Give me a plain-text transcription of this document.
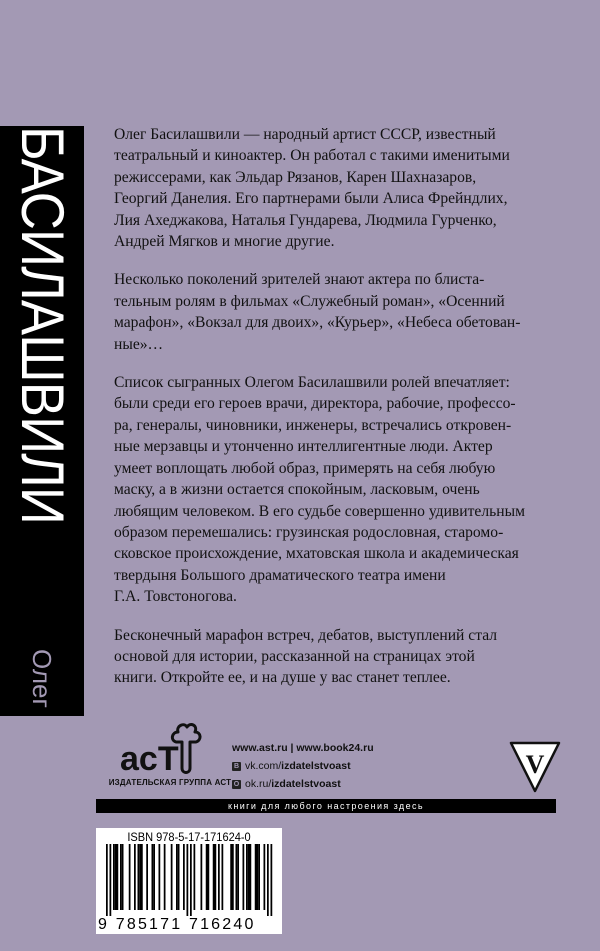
БАСИЛАШВИЛИ
Олег

Олег Басилашвили — народный артист СССР, известный
театральный и киноактер. Он работал с такими именитыми
режиссерами, как Эльдар Рязанов, Карен Шахназаров,
Георгий Данелия. Его партнерами были Алиса Фрейндлих,
Лия Ахеджакова, Наталья Гундарева, Людмила Гурченко,
Андрей Мягков и многие другие.

Несколько поколений зрителей знают актера по блиста-
тельным ролям в фильмах «Служебный роман», «Осенний
марафон», «Вокзал для двоих», «Курьер», «Небеса обетован-
ные»…

Список сыгранных Олегом Басилашвили ролей впечатляет:
были среди его героев врачи, директора, рабочие, профессо-
ра, генералы, чиновники, инженеры, встречались откровен-
ные мерзавцы и утонченно интеллигентные люди. Актер
умеет воплощать любой образ, примерять на себя любую
маску, а в жизни остается спокойным, ласковым, очень
любящим человеком. В его судьбе совершенно удивительным
образом перемешались: грузинская родословная, старомо-
сковское происхождение, мхатовская школа и академическая
твердыня Большого драматического театра имени
Г.А. Товстоногова.

Бесконечный марафон встреч, дебатов, выступлений стал
основой для истории, рассказанной на страницах этой
книги. Откройте ее, и на душе у вас станет теплее.

acT
ИЗДАТЕЛЬСКАЯ ГРУППА АСТ
www.ast.ru | www.book24.ru
B vk.com/ izdatelstvoast
O ok.ru/ izdatelstvoast
V
книги для любого настроения здесь
ISBN 978-5-17-171624-0
9 785171 716240
